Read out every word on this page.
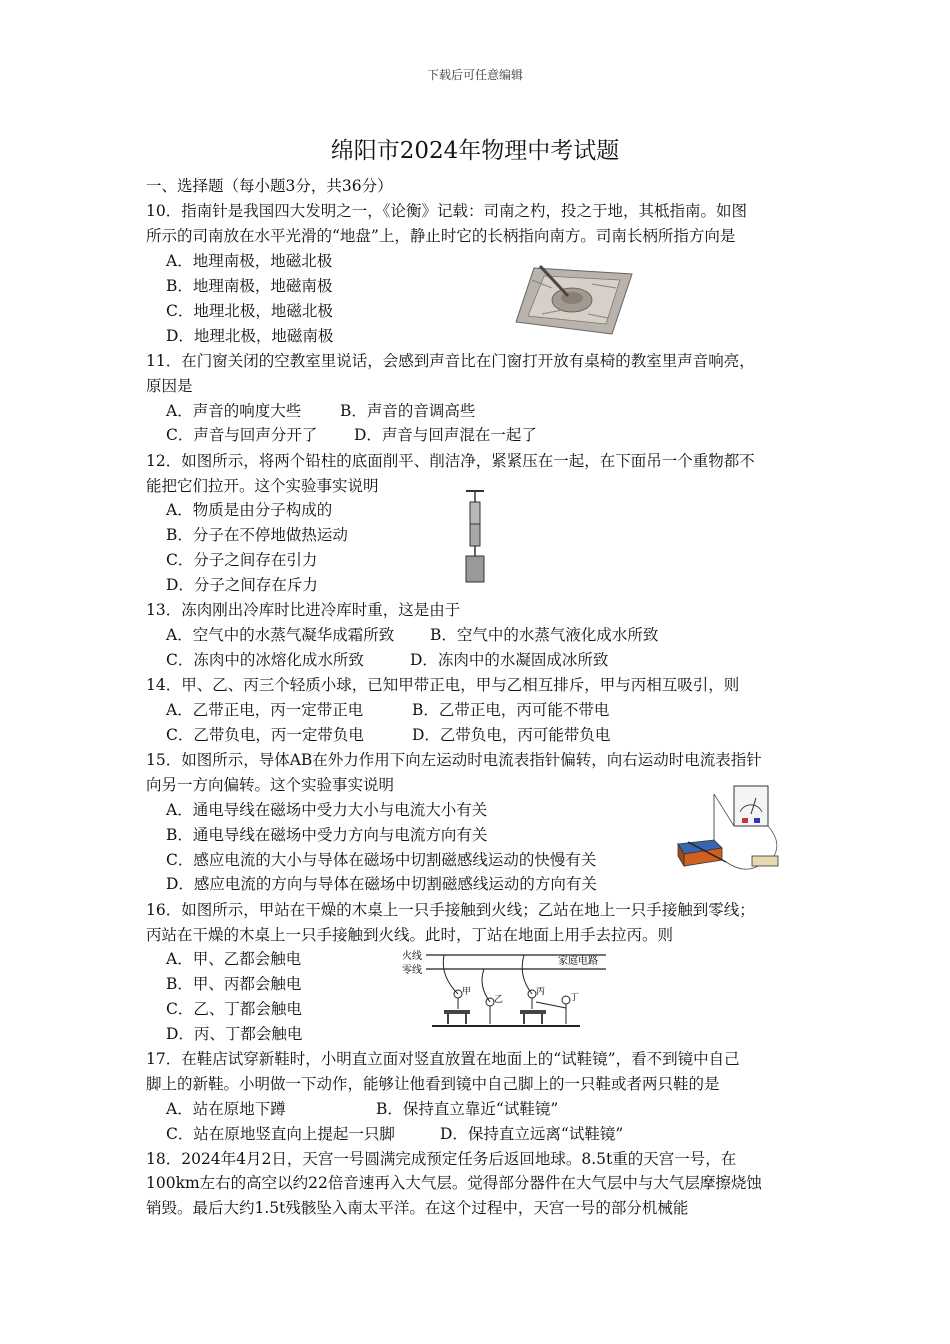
下载后可任意编辑
绵阳市2024年物理中考试题
一、选择题（每小题3分，共36分）
10．指南针是我国四大发明之一，《论衡》记载：司南之杓，投之于地，其柢指南。如图
所示的司南放在水平光滑的“地盘”上，静止时它的长柄指向南方。司南长柄所指方向是
A．地理南极，地磁北极
B．地理南极，地磁南极
C．地理北极，地磁北极
D．地理北极，地磁南极
11．在门窗关闭的空教室里说话，会感到声音比在门窗打开放有桌椅的教室里声音响亮，
原因是
A．声音的响度大些	B．声音的音调高些
C．声音与回声分开了 D．声音与回声混在一起了
12．如图所示，将两个铅柱的底面削平、削洁净，紧紧压在一起，在下面吊一个重物都不
能把它们拉开。这个实验事实说明
A．物质是由分子构成的
B．分子在不停地做热运动
C．分子之间存在引力
D．分子之间存在斥力
13．冻肉刚出冷库时比进冷库时重，这是由于
A．空气中的水蒸气凝华成霜所致 B．空气中的水蒸气液化成水所致
C．冻肉中的冰熔化成水所致	D．冻肉中的水凝固成冰所致
14．甲、乙、丙三个轻质小球，已知甲带正电，甲与乙相互排斥，甲与丙相互吸引，则
A．乙带正电，丙一定带正电	B．乙带正电，丙可能不带电
C．乙带负电，丙一定带负电	D．乙带负电，丙可能带负电
15．如图所示，导体AB在外力作用下向左运动时电流表指针偏转，向右运动时电流表指针
向另一方向偏转。这个实验事实说明
A．通电导线在磁场中受力大小与电流大小有关
B．通电导线在磁场中受力方向与电流方向有关
C．感应电流的大小与导体在磁场中切割磁感线运动的快慢有关
D．感应电流的方向与导体在磁场中切割磁感线运动的方向有关
16．如图所示，甲站在干燥的木桌上一只手接触到火线；乙站在地上一只手接触到零线；
丙站在干燥的木桌上一只手接触到火线。此时，丁站在地面上用手去拉丙。则
A．甲、乙都会触电
B．甲、丙都会触电
C．乙、丁都会触电
D．丙、丁都会触电
火线
零线
家庭电路
甲
乙
丙
丁
17．在鞋店试穿新鞋时，小明直立面对竖直放置在地面上的“试鞋镜”，看不到镜中自己
脚上的新鞋。小明做一下动作，能够让他看到镜中自己脚上的一只鞋或者两只鞋的是
A．站在原地下蹲	B．保持直立靠近“试鞋镜”
C．站在原地竖直向上提起一只脚	D．保持直立远离“试鞋镜”
18．2024年4月2日，天宫一号圆满完成预定任务后返回地球。8.5t重的天宫一号，在
100km左右的高空以约22倍音速再入大气层。觉得部分器件在大气层中与大气层摩擦烧蚀
销毁。最后大约1.5t残骸坠入南太平洋。在这个过程中，天宫一号的部分机械能
